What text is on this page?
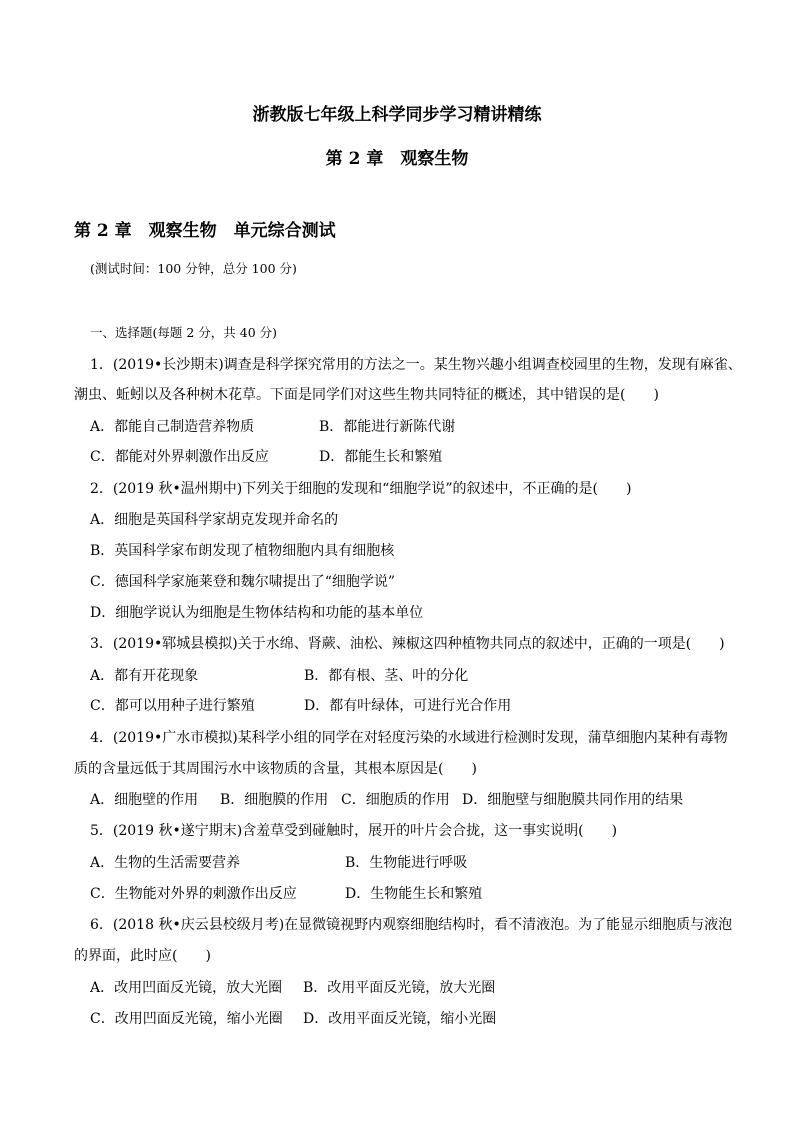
浙教版七年级上科学同步学习精讲精练
第 2 章　观察生物
第 2 章　观察生物　单元综合测试
(测试时间：100 分钟，总分 100 分)
一、选择题(每题 2 分，共 40 分)
1．(2019•长沙期末)调查是科学探究常用的方法之一。某生物兴趣小组调查校园里的生物，发现有麻雀、
潮虫、蚯蚓以及各种树木花草。下面是同学们对这些生物共同特征的概述，其中错误的是(　　)
A．都能自己制造营养物质	B．都能进行新陈代谢
C．都能对外界刺激作出反应	D．都能生长和繁殖
2．(2019 秋•温州期中)下列关于细胞的发现和“细胞学说”的叙述中，不正确的是(　　)
A．细胞是英国科学家胡克发现并命名的
B．英国科学家布朗发现了植物细胞内具有细胞核
C．德国科学家施莱登和魏尔啸提出了“细胞学说”
D．细胞学说认为细胞是生物体结构和功能的基本单位
3．(2019•郓城县模拟)关于水绵、肾蕨、油松、辣椒这四种植物共同点的叙述中，正确的一项是(　　)
A．都有开花现象	B．都有根、茎、叶的分化
C．都可以用种子进行繁殖	D．都有叶绿体，可进行光合作用
4．(2019•广水市模拟)某科学小组的同学在对轻度污染的水域进行检测时发现，蒲草细胞内某种有毒物
质的含量远低于其周围污水中该物质的含量，其根本原因是(　　)
A．细胞壁的作用 B．细胞膜的作用 C．细胞质的作用 D．细胞壁与细胞膜共同作用的结果
5．(2019 秋•遂宁期末)含羞草受到碰触时，展开的叶片会合拢，这一事实说明(　　)
A．生物的生活需要营养	B．生物能进行呼吸
C．生物能对外界的刺激作出反应	D．生物能生长和繁殖
6．(2018 秋•庆云县校级月考)在显微镜视野内观察细胞结构时，看不清液泡。为了能显示细胞质与液泡
的界面，此时应(　　)
A．改用凹面反光镜，放大光圈 B．改用平面反光镜，放大光圈
C．改用凹面反光镜，缩小光圈 D．改用平面反光镜，缩小光圈
